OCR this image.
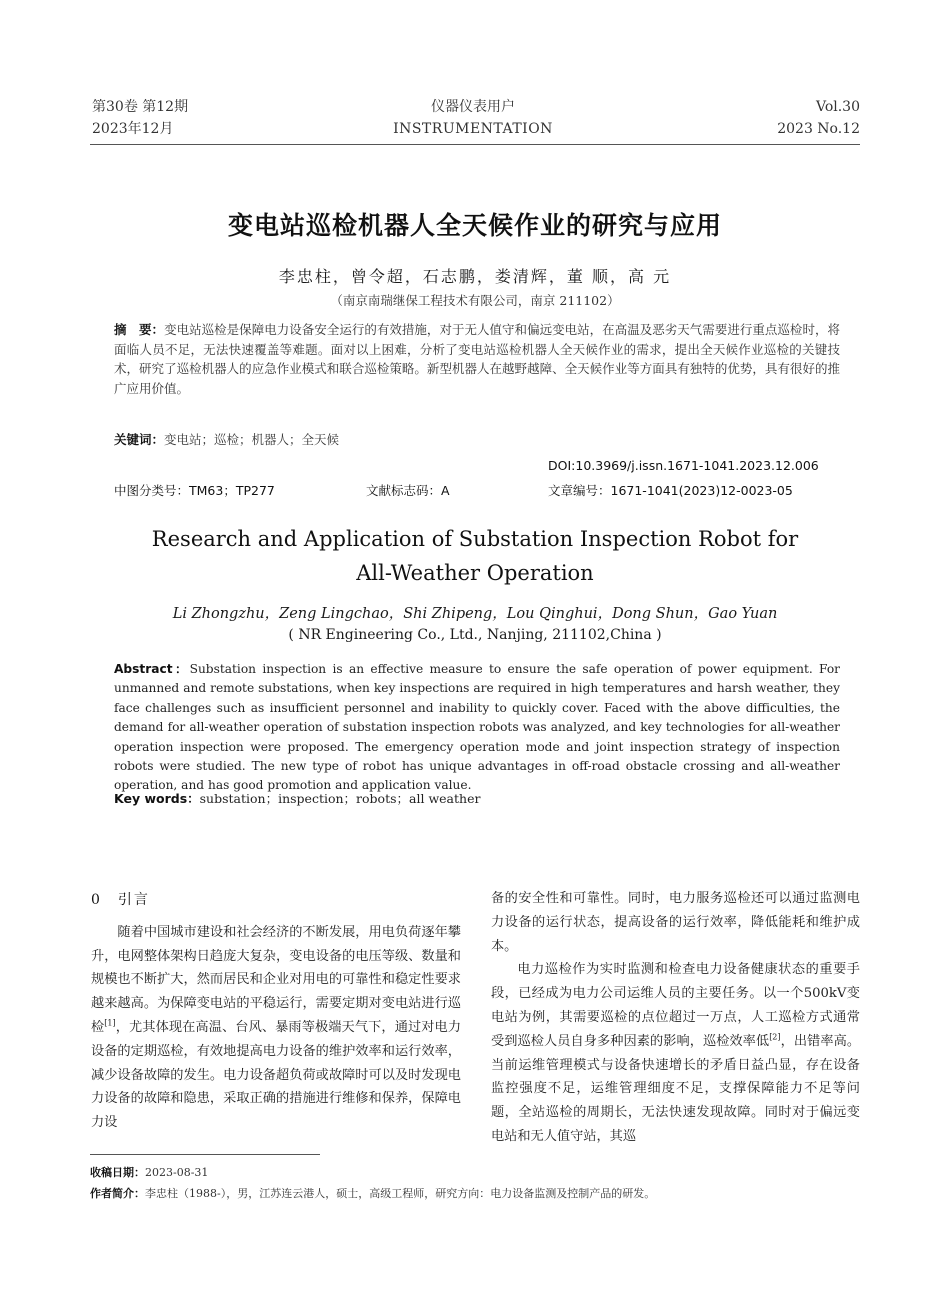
第30卷 第12期
2023年12月
仪器仪表用户
INSTRUMENTATION
Vol.30
2023 No.12
变电站巡检机器人全天候作业的研究与应用
李忠柱，曾令超，石志鹏，娄清辉，董 顺，高 元
（南京南瑞继保工程技术有限公司，南京 211102）
摘　要：变电站巡检是保障电力设备安全运行的有效措施，对于无人值守和偏远变电站，在高温及恶劣天气需要进行重点巡检时，将面临人员不足，无法快速覆盖等难题。面对以上困难，分析了变电站巡检机器人全天候作业的需求，提出全天候作业巡检的关键技术，研究了巡检机器人的应急作业模式和联合巡检策略。新型机器人在越野越障、全天候作业等方面具有独特的优势，具有很好的推广应用价值。
关键词：变电站；巡检；机器人；全天候
DOI:10.3969/j.issn.1671-1041.2023.12.006
中图分类号：TM63；TP277	文献标志码：A	文章编号：1671-1041(2023)12-0023-05
Research and Application of Substation Inspection Robot for
All-Weather Operation
Li Zhongzhu，Zeng Lingchao，Shi Zhipeng，Lou Qinghui，Dong Shun，Gao Yuan
( NR Engineering Co., Ltd., Nanjing, 211102,China )
Abstract：Substation inspection is an effective measure to ensure the safe operation of power equipment. For unmanned and remote substations, when key inspections are required in high temperatures and harsh weather, they face challenges such as insufficient personnel and inability to quickly cover. Faced with the above difficulties, the demand for all-weather operation of substation inspection robots was analyzed, and key technologies for all-weather operation inspection were proposed. The emergency operation mode and joint inspection strategy of inspection robots were studied. The new type of robot has unique advantages in off-road obstacle crossing and all-weather operation, and has good promotion and application value.
Key words：substation；inspection；robots；all weather
0　引言
随着中国城市建设和社会经济的不断发展，用电负荷逐年攀升，电网整体架构日趋庞大复杂，变电设备的电压等级、数量和规模也不断扩大，然而居民和企业对用电的可靠性和稳定性要求越来越高。为保障变电站的平稳运行，需要定期对变电站进行巡检[1]，尤其体现在高温、台风、暴雨等极端天气下，通过对电力设备的定期巡检，有效地提高电力设备的维护效率和运行效率，减少设备故障的发生。电力设备超负荷或故障时可以及时发现电力设备的故障和隐患，采取正确的措施进行维修和保养，保障电力设
备的安全性和可靠性。同时，电力服务巡检还可以通过监测电力设备的运行状态，提高设备的运行效率，降低能耗和维护成本。
电力巡检作为实时监测和检查电力设备健康状态的重要手段，已经成为电力公司运维人员的主要任务。以一个500kV变电站为例，其需要巡检的点位超过一万点，人工巡检方式通常受到巡检人员自身多种因素的影响，巡检效率低[2]，出错率高。当前运维管理模式与设备快速增长的矛盾日益凸显，存在设备监控强度不足，运维管理细度不足，支撑保障能力不足等问题，全站巡检的周期长，无法快速发现故障。同时对于偏远变电站和无人值守站，其巡
收稿日期：2023-08-31
作者简介：李忠柱（1988-），男，江苏连云港人，硕士，高级工程师，研究方向：电力设备监测及控制产品的研发。
